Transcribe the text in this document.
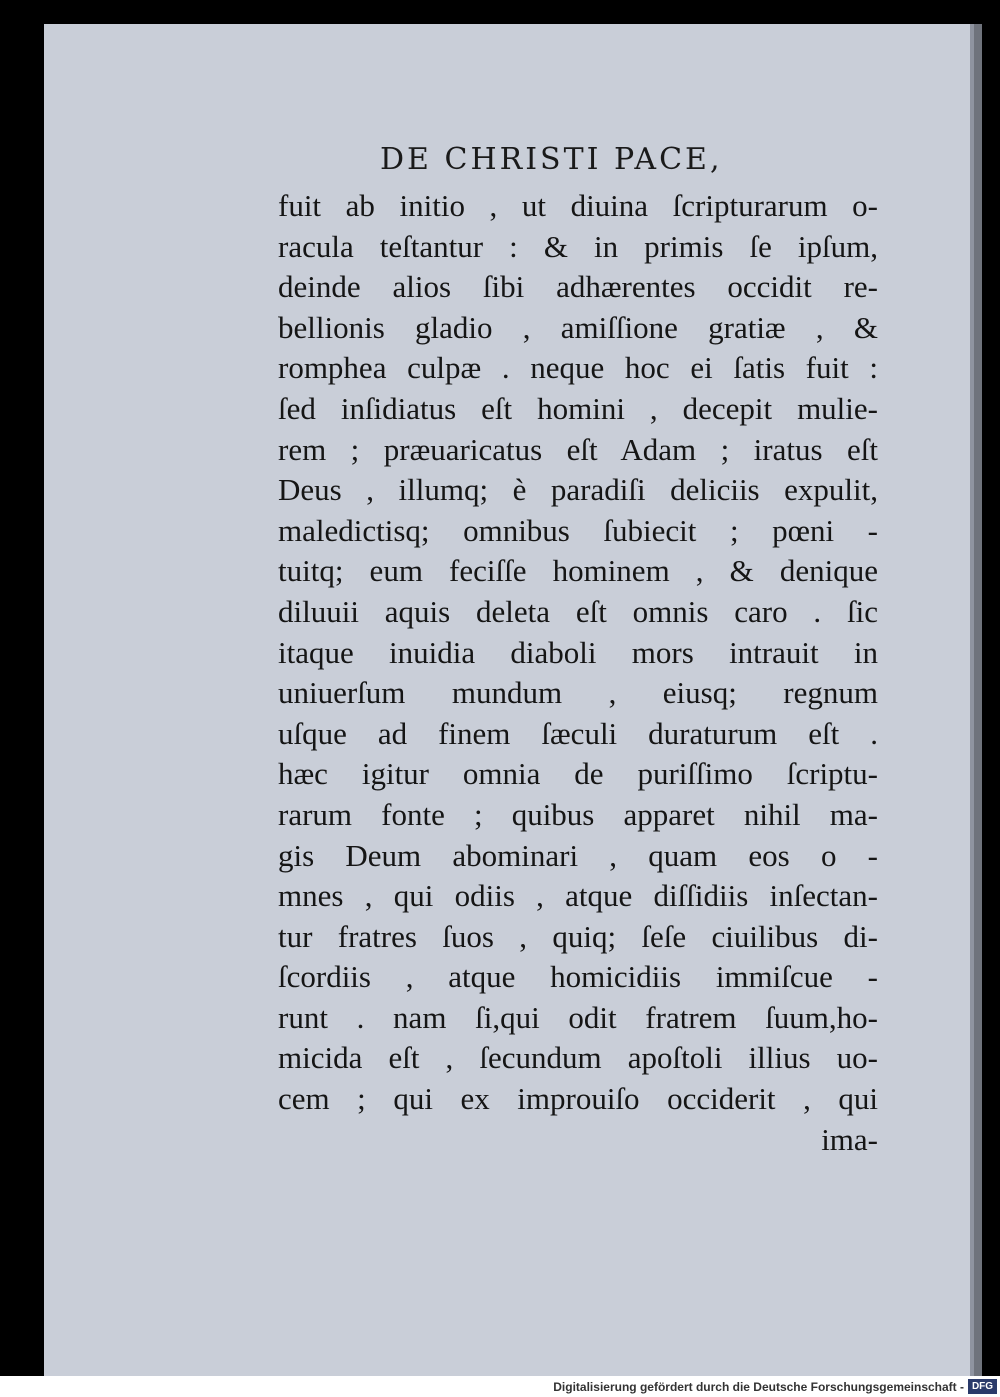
DE CHRISTI PACE,
fuit ab initio , ut diuina ſcripturarum o-
racula teſtantur : & in primis ſe ipſum,
deinde alios ſibi adhærentes occidit re-
bellionis gladio , amiſſione gratiæ , &
romphea culpæ . neque hoc ei ſatis fuit :
ſed inſidiatus eſt homini , decepit mulie-
rem ; præuaricatus eſt Adam ; iratus eſt
Deus , illumq; è paradiſi deliciis expulit,
maledictisq; omnibus ſubiecit ; pœni -
tuitq; eum feciſſe hominem , & denique
diluuii aquis deleta eſt omnis caro . ſic
itaque inuidia diaboli mors intrauit in
uniuerſum mundum , eiusq; regnum
uſque ad finem ſæculi duraturum eſt .
hæc igitur omnia de puriſſimo ſcriptu-
rarum fonte ; quibus apparet nihil ma-
gis Deum abominari , quam eos o -
mnes , qui odiis , atque diſſidiis inſectan-
tur fratres ſuos , quiq; ſeſe ciuilibus di-
ſcordiis , atque homicidiis immiſcue -
runt . nam ſi,qui odit fratrem ſuum,ho-
micida eſt , ſecundum apoſtoli illius uo-
cem ; qui ex improuiſo occiderit , qui
ima-
Digitalisierung gefördert durch die Deutsche Forschungsgemeinschaft - DFG
